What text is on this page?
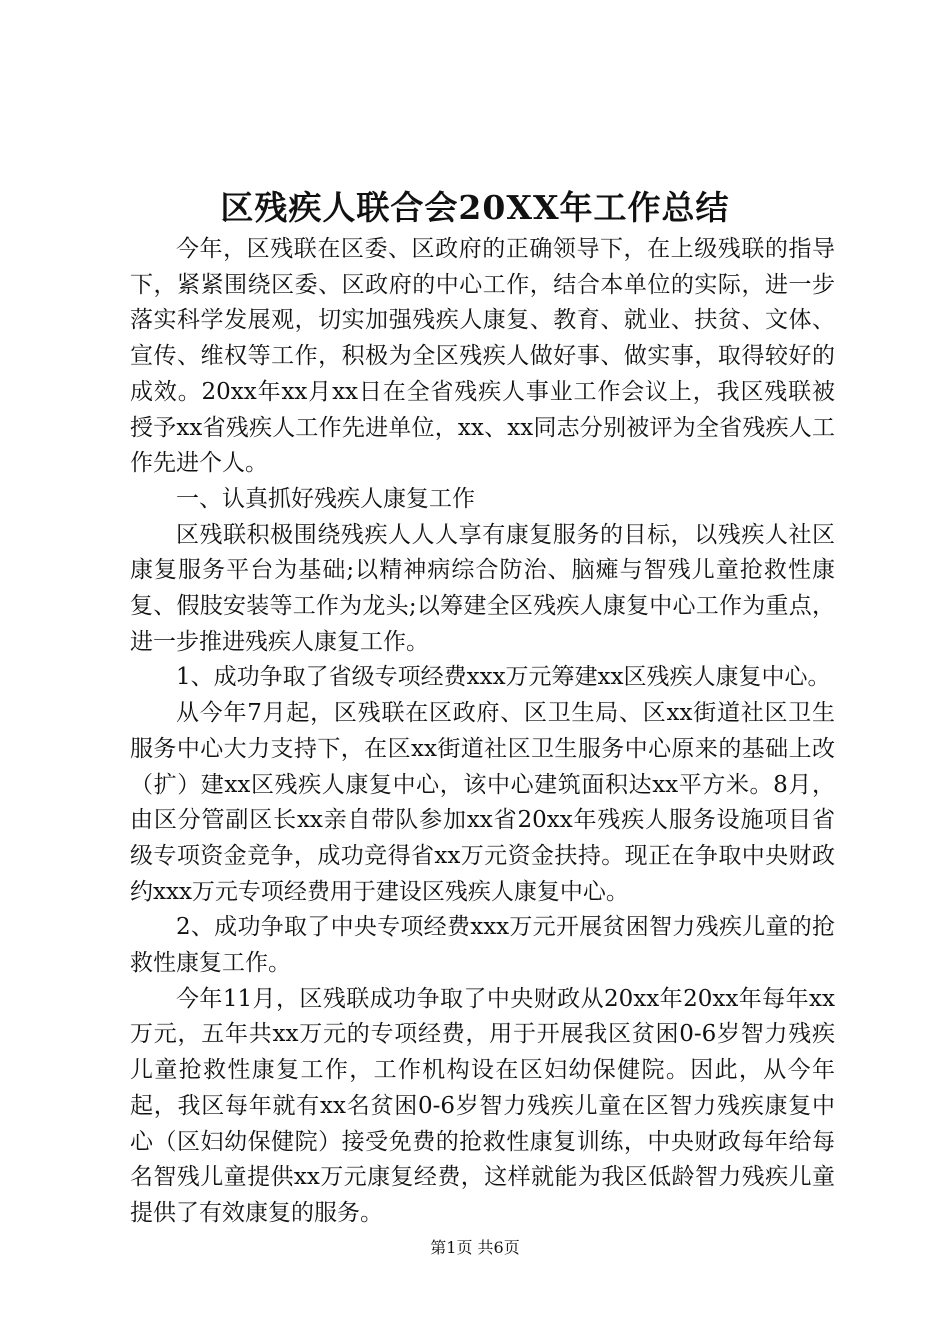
区残疾人联合会20XX年工作总结

今年，区残联在区委、区政府的正确领导下，在上级残联的指导下，紧紧围绕区委、区政府的中心工作，结合本单位的实际，进一步落实科学发展观，切实加强残疾人康复、教育、就业、扶贫、文体、宣传、维权等工作，积极为全区残疾人做好事、做实事，取得较好的成效。20xx年xx月xx日在全省残疾人事业工作会议上，我区残联被授予xx省残疾人工作先进单位，xx、xx同志分别被评为全省残疾人工作先进个人。

一、认真抓好残疾人康复工作

区残联积极围绕残疾人人人享有康复服务的目标，以残疾人社区康复服务平台为基础;以精神病综合防治、脑瘫与智残儿童抢救性康复、假肢安装等工作为龙头;以筹建全区残疾人康复中心工作为重点，进一步推进残疾人康复工作。

1、成功争取了省级专项经费xxx万元筹建xx区残疾人康复中心。

从今年7月起，区残联在区政府、区卫生局、区xx街道社区卫生服务中心大力支持下，在区xx街道社区卫生服务中心原来的基础上改（扩）建xx区残疾人康复中心，该中心建筑面积达xx平方米。8月，由区分管副区长xx亲自带队参加xx省20xx年残疾人服务设施项目省级专项资金竞争，成功竞得省xx万元资金扶持。现正在争取中央财政约xxx万元专项经费用于建设区残疾人康复中心。

2、成功争取了中央专项经费xxx万元开展贫困智力残疾儿童的抢救性康复工作。

今年11月，区残联成功争取了中央财政从20xx年20xx年每年xx万元，五年共xx万元的专项经费，用于开展我区贫困0-6岁智力残疾儿童抢救性康复工作，工作机构设在区妇幼保健院。因此，从今年起，我区每年就有xx名贫困0-6岁智力残疾儿童在区智力残疾康复中心（区妇幼保健院）接受免费的抢救性康复训练，中央财政每年给每名智残儿童提供xx万元康复经费，这样就能为我区低龄智力残疾儿童提供了有效康复的服务。

第1页 共6页
